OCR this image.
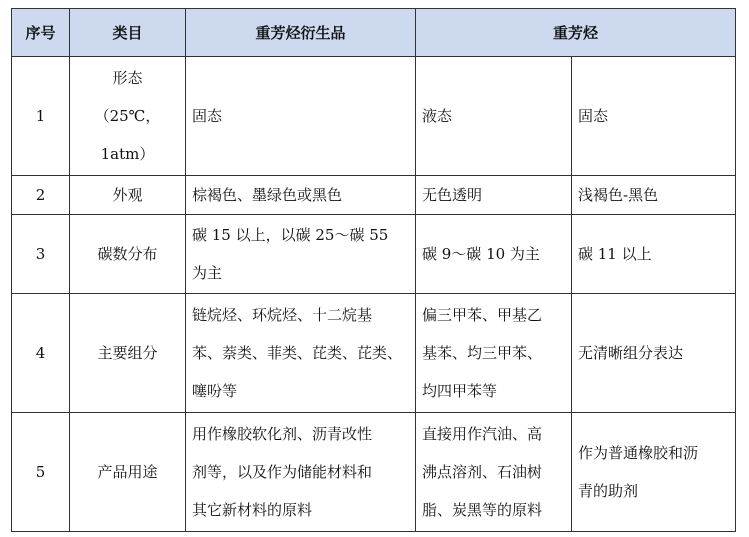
序号	类目	重芳烃衍生品	重芳烃	
1	形态
（25℃，
1atm）	固态	液态	固态

2	外观	棕褐色、墨绿色或黑色	无色透明	浅褐色-黑色

3	碳数分布	碳 15 以上，以碳 25～碳 55
为主	碳 9～碳 10 为主	碳 11 以上

4	主要组分	链烷烃、环烷烃、十二烷基
苯、萘类、菲类、芘类、芘类、
噻吩等	偏三甲苯、甲基乙
基苯、均三甲苯、
均四甲苯等	无清晰组分表达

5	产品用途	用作橡胶软化剂、沥青改性
剂等，以及作为储能材料和
其它新材料的原料	直接用作汽油、高
沸点溶剂、石油树
脂、炭黑等的原料	作为普通橡胶和沥
青的助剂
